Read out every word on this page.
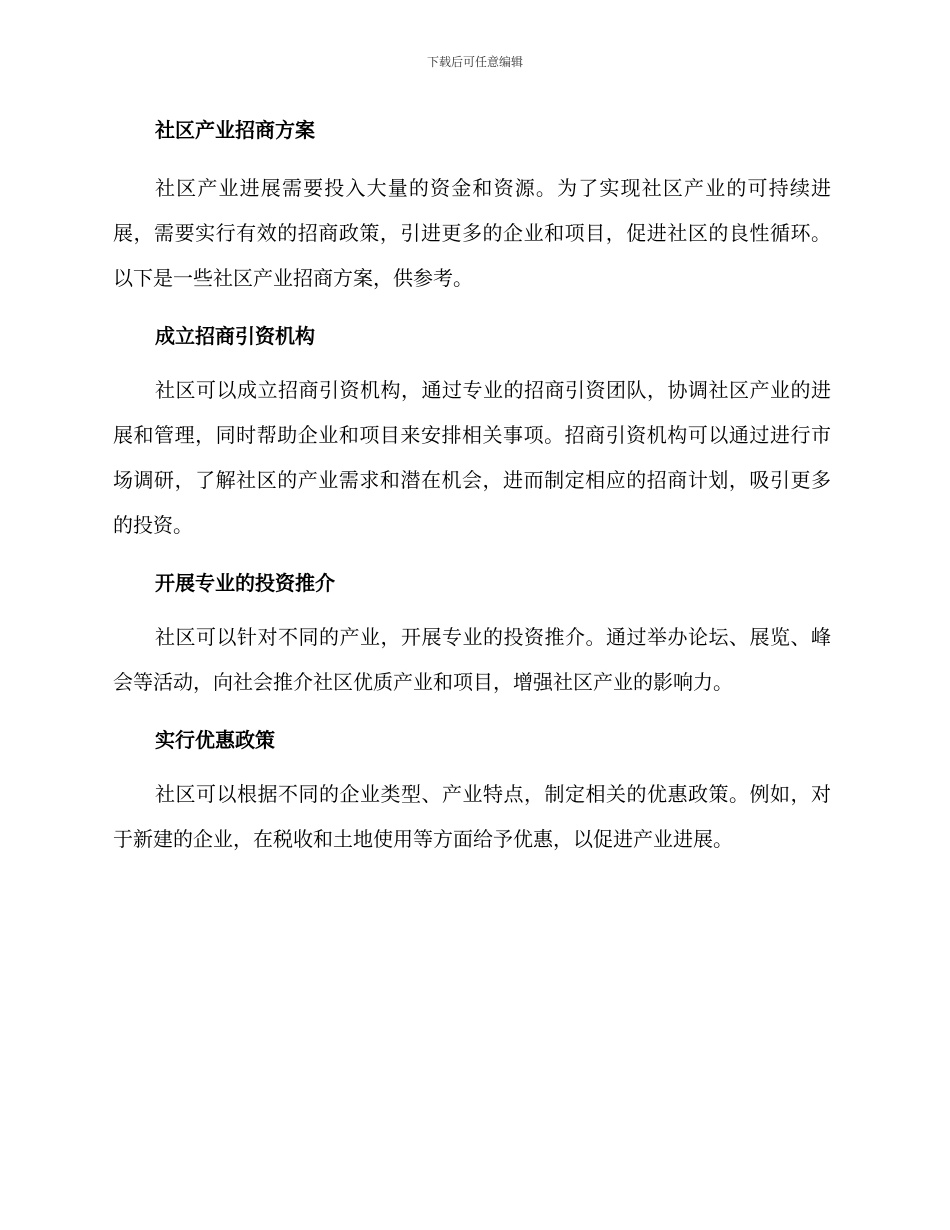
下载后可任意编辑
社区产业招商方案

社区产业进展需要投入大量的资金和资源。为了实现社区产业的可持续进展，需要实行有效的招商政策，引进更多的企业和项目，促进社区的良性循环。以下是一些社区产业招商方案，供参考。

成立招商引资机构

社区可以成立招商引资机构，通过专业的招商引资团队，协调社区产业的进展和管理，同时帮助企业和项目来安排相关事项。招商引资机构可以通过进行市场调研，了解社区的产业需求和潜在机会，进而制定相应的招商计划，吸引更多的投资。

开展专业的投资推介

社区可以针对不同的产业，开展专业的投资推介。通过举办论坛、展览、峰会等活动，向社会推介社区优质产业和项目，增强社区产业的影响力。

实行优惠政策

社区可以根据不同的企业类型、产业特点，制定相关的优惠政策。例如，对于新建的企业，在税收和土地使用等方面给予优惠，以促进产业进展。
